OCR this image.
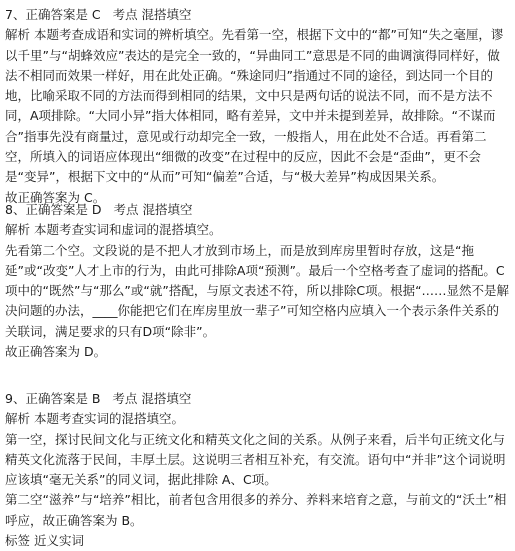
7、正确答案是 C   考点 混搭填空

解析 本题考查成语和实词的辨析填空。先看第一空，根据下文中的“都”可知“失之毫厘，谬以千里”与“胡蜂效应”表达的是完全一致的，“异曲同工”意思是不同的曲调演得同样好，做法不相同而效果一样好，用在此处正确。“殊途同归”指通过不同的途径，到达同一个目的地，比喻采取不同的方法而得到相同的结果，文中只是两句话的说法不同，而不是方法不同，A项排除。“大同小异”指大体相同，略有差异，文中并未提到差异，故排除。“不谋而合”指事先没有商量过，意见或行动却完全一致，一般指人，用在此处不合适。再看第二空，所填入的词语应体现出“细微的改变”在过程中的反应，因此不会是“歪曲”，更不会是“变异”，根据下文中的“从而”可知“偏差”合适，与“极大差异”构成因果关系。

故正确答案为 C。

8、正确答案是 D   考点 混搭填空

解析 本题考查实词和虚词的混搭填空。

先看第二个空。文段说的是不把人才放到市场上，而是放到库房里暂时存放，这是“拖延”或“改变”人才上市的行为，由此可排除A项“预测”。最后一个空格考查了虚词的搭配。C项中的“既然”与“那么”或“就”搭配，与原文表述不符，所以排除C项。根据“……显然不是解决问题的办法，____你能把它们在库房里放一辈子”可知空格内应填入一个表示条件关系的关联词，满足要求的只有D项“除非”。

故正确答案为 D。

9、正确答案是 B   考点 混搭填空

解析 本题考查实词的混搭填空。

第一空，探讨民间文化与正统文化和精英文化之间的关系。从例子来看，后半句正统文化与精英文化流落于民间，丰厚土层。这说明三者相互补充，有交流。语句中“并非”这个词说明应该填“毫无关系”的同义词，据此排除 A、C项。

第二空“滋养”与“培养”相比，前者包含用很多的养分、养料来培育之意，与前文的“沃土”相呼应，故正确答案为 B。

标签 近义实词
